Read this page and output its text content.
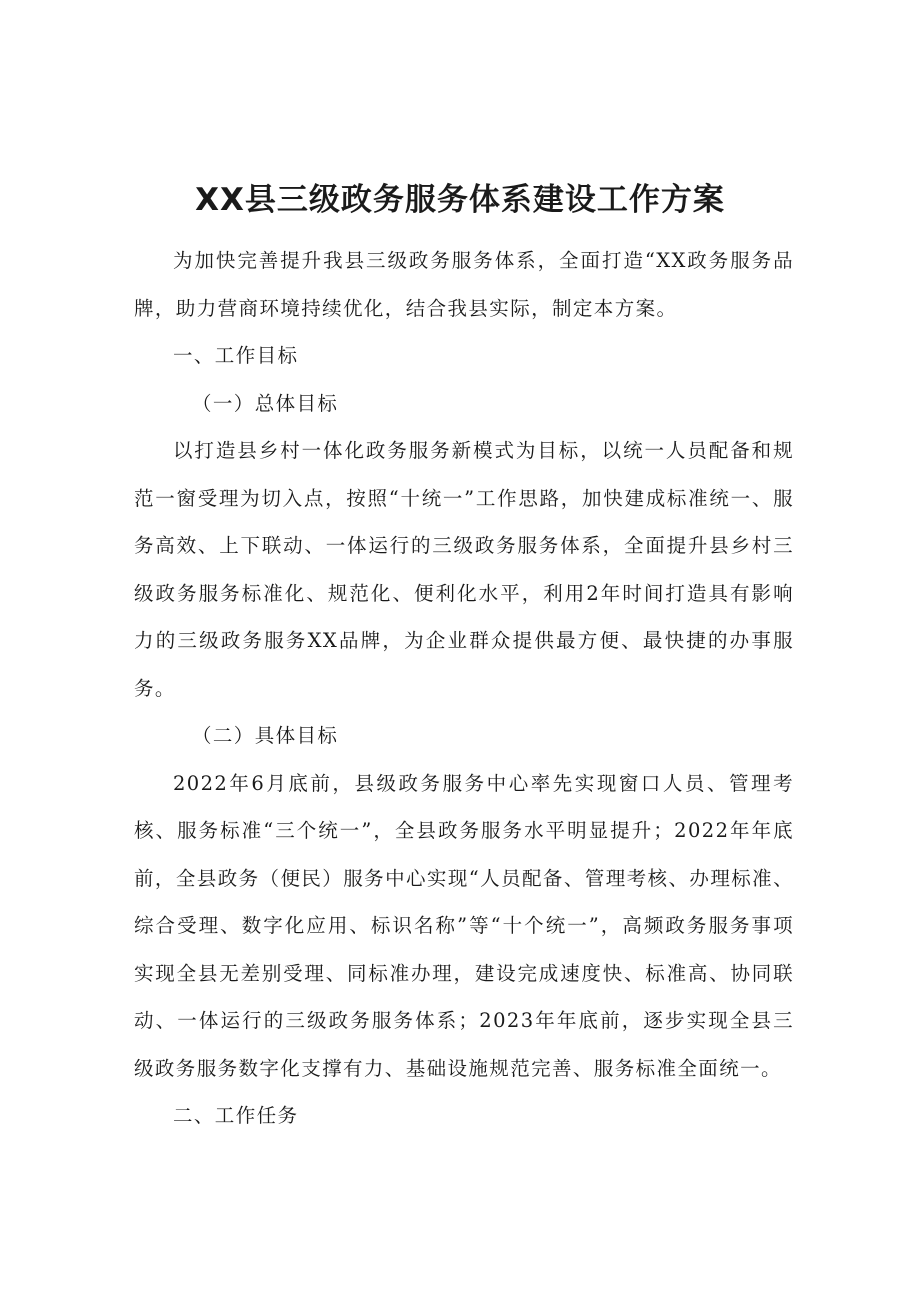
XX县三级政务服务体系建设工作方案

为加快完善提升我县三级政务服务体系，全面打造“XX政务服务品牌，助力营商环境持续优化，结合我县实际，制定本方案。

一、工作目标

（一）总体目标

以打造县乡村一体化政务服务新模式为目标，以统一人员配备和规范一窗受理为切入点，按照“十统一”工作思路，加快建成标准统一、服务高效、上下联动、一体运行的三级政务服务体系，全面提升县乡村三级政务服务标准化、规范化、便利化水平，利用2年时间打造具有影响力的三级政务服务XX品牌，为企业群众提供最方便、最快捷的办事服务。

（二）具体目标

2022年6月底前，县级政务服务中心率先实现窗口人员、管理考核、服务标准“三个统一”，全县政务服务水平明显提升；2022年年底前，全县政务（便民）服务中心实现“人员配备、管理考核、办理标准、综合受理、数字化应用、标识名称”等“十个统一”，高频政务服务事项实现全县无差别受理、同标准办理，建设完成速度快、标准高、协同联动、一体运行的三级政务服务体系；2023年年底前，逐步实现全县三级政务服务数字化支撑有力、基础设施规范完善、服务标准全面统一。

二、工作任务
